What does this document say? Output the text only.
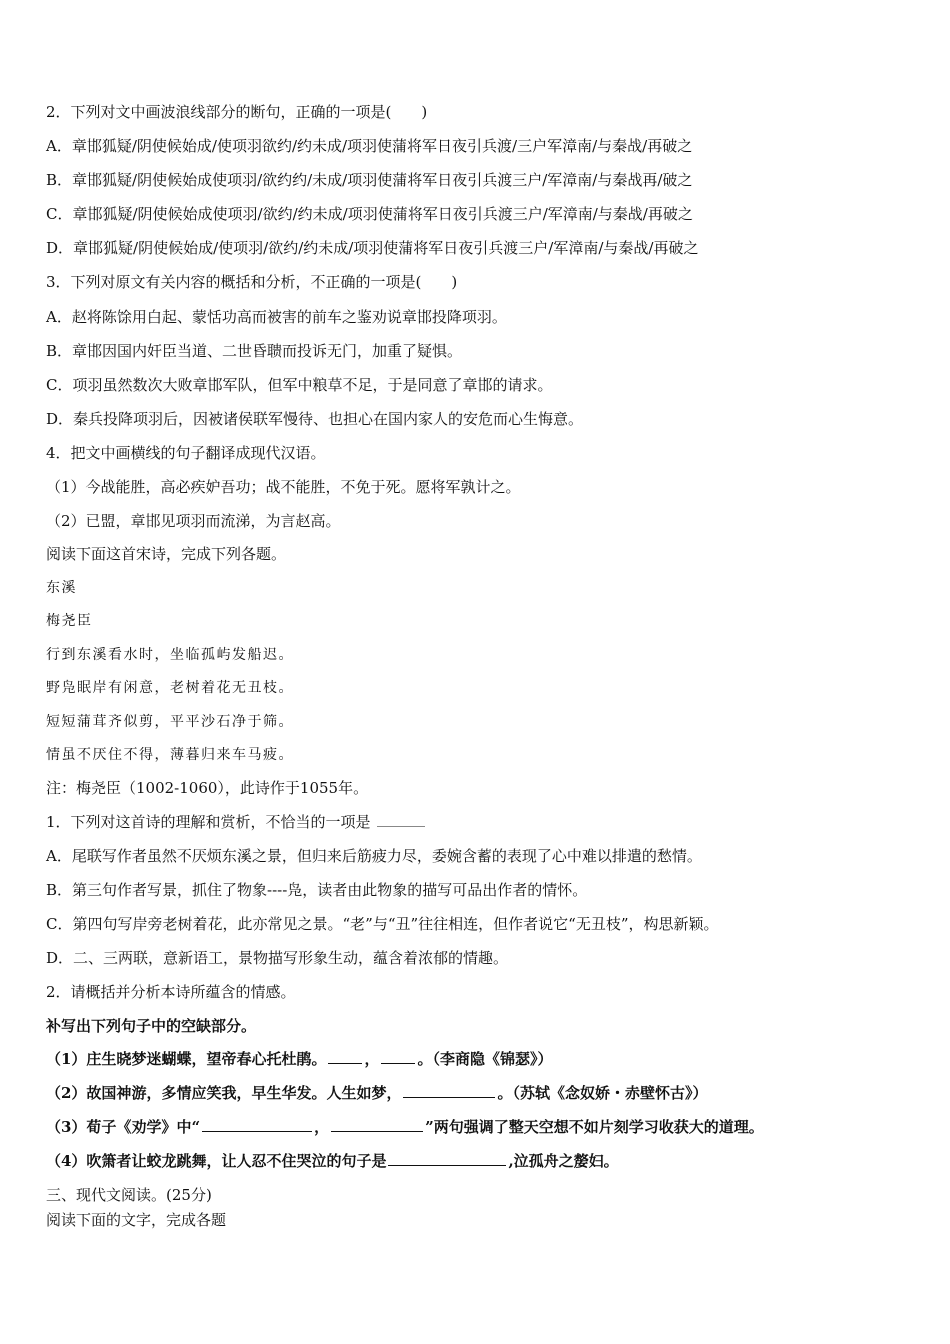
2．下列对文中画波浪线部分的断句，正确的一项是(　　)
A．章邯狐疑/阴使候始成/使项羽欲约/约未成/项羽使蒲将军日夜引兵渡/三户军漳南/与秦战/再破之
B．章邯狐疑/阴使候始成使项羽/欲约约/未成/项羽使蒲将军日夜引兵渡三户/军漳南/与秦战再/破之
C．章邯狐疑/阴使候始成使项羽/欲约/约未成/项羽使蒲将军日夜引兵渡三户/军漳南/与秦战/再破之
D．章邯狐疑/阴使候始成/使项羽/欲约/约未成/项羽使蒲将军日夜引兵渡三户/军漳南/与秦战/再破之
3．下列对原文有关内容的概括和分析，不正确的一项是(　　)
A．赵将陈馀用白起、蒙恬功高而被害的前车之鉴劝说章邯投降项羽。
B．章邯因国内奸臣当道、二世昏聩而投诉无门，加重了疑惧。
C．项羽虽然数次大败章邯军队，但军中粮草不足，于是同意了章邯的请求。
D．秦兵投降项羽后，因被诸侯联军慢待、也担心在国内家人的安危而心生悔意。
4．把文中画横线的句子翻译成现代汉语。
（1）今战能胜，高必疾妒吾功；战不能胜，不免于死。愿将军孰计之。
（2）已盟，章邯见项羽而流涕，为言赵高。
阅读下面这首宋诗，完成下列各题。
东溪
梅尧臣
行到东溪看水时，坐临孤屿发船迟。
野凫眠岸有闲意，老树着花无丑枝。
短短蒲茸齐似剪，平平沙石净于筛。
情虽不厌住不得，薄暮归来车马疲。
注：梅尧臣（1002-1060），此诗作于1055年。
1．下列对这首诗的理解和赏析，不恰当的一项是
A．尾联写作者虽然不厌烦东溪之景，但归来后筋疲力尽，委婉含蓄的表现了心中难以排遣的愁情。
B．第三句作者写景，抓住了物象----凫，读者由此物象的描写可品出作者的情怀。
C．第四句写岸旁老树着花，此亦常见之景。“老”与“丑”往往相连，但作者说它“无丑枝”，构思新颖。
D．二、三两联，意新语工，景物描写形象生动，蕴含着浓郁的情趣。
2．请概括并分析本诗所蕴含的情感。
补写出下列句子中的空缺部分。
（1）庄生晓梦迷蝴蝶，望帝春心托杜鹃。	，	。（李商隐《锦瑟》）
（2）故国神游，多情应笑我，早生华发。人生如梦，	。（苏轼《念奴娇・赤壁怀古》）
（3）荀子《劝学》中“	，	”两句强调了整天空想不如片刻学习收获大的道理。
（4）吹箫者让蛟龙跳舞，让人忍不住哭泣的句子是	,泣孤舟之嫠妇。
三、现代文阅读。(25分)
阅读下面的文字，完成各题
